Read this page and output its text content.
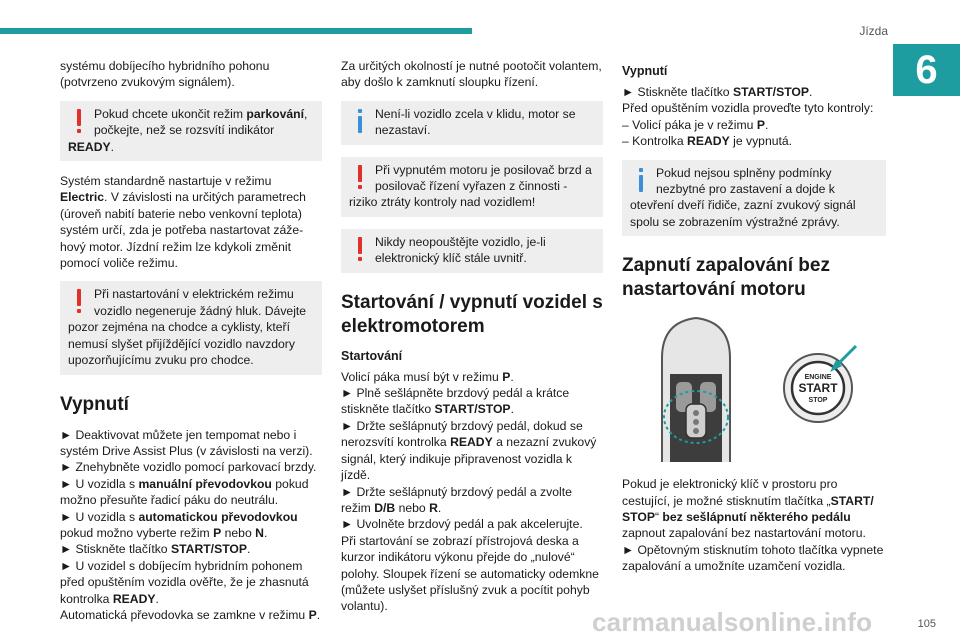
Jízda
6

systému dobíjecího hybridního pohonu (potvrzeno zvukovým signálem).

Pokud chcete ukončit režim parkování, počkejte, než se rozsvítí indikátor READY.

Systém standardně nastartuje v režimu Electric. V závislosti na určitých parametrech (úroveň nabití baterie nebo venkovní teplota) systém určí, zda je potřeba nastartovat zážehový motor. Jízdní režim lze kdykoli změnit pomocí voliče režimu.

Při nastartování v elektrickém režimu vozidlo negeneruje žádný hluk. Dávejte pozor zejména na chodce a cyklisty, kteří nemusí slyšet přijíždějící vozidlo navzdory upozorňujícímu zvuku pro chodce.
Vypnutí

► Deaktivovat můžete jen tempomat nebo i systém Drive Assist Plus (v závislosti na verzi).

► Znehybněte vozidlo pomocí parkovací brzdy.

► U vozidla s manuální převodovkou pokud možno přesuňte řadicí páku do neutrálu.

► U vozidla s automatickou převodovkou pokud možno vyberte režim P nebo N.

► Stiskněte tlačítko START/STOP.

► U vozidel s dobíjecím hybridním pohonem před opuštěním vozidla ověřte, že je zhasnutá kontrolka READY.

Automatická převodovka se zamkne v režimu P.

Za určitých okolností je nutné pootočit volantem, aby došlo k zamknutí sloupku řízení.

Není-li vozidlo zcela v klidu, motor se nezastaví.
Při vypnutém motoru je posilovač brzd a posilovač řízení vyřazen z činnosti - riziko ztráty kontroly nad vozidlem!
Nikdy neopouštějte vozidlo, je-li elektronický klíč stále uvnitř.
Startování / vypnutí vozidel s elektromotorem
Startování

Volicí páka musí být v režimu P.

► Plně sešlápněte brzdový pedál a krátce stiskněte tlačítko START/STOP.

► Držte sešlápnutý brzdový pedál, dokud se nerozsvítí kontrolka READY a nezazní zvukový signál, který indikuje připravenost vozidla k jízdě.

► Držte sešlápnutý brzdový pedál a zvolte režim D/B nebo R.

► Uvolněte brzdový pedál a pak akcelerujte.

Při startování se zobrazí přístrojová deska a kurzor indikátoru výkonu přejde do „nulové“ polohy. Sloupek řízení se automaticky odemkne (můžete uslyšet příslušný zvuk a pocítit pohyb volantu).

Vypnutí

► Stiskněte tlačítko START/STOP.

Před opuštěním vozidla proveďte tyto kontroly:

– Volicí páka je v režimu P.

– Kontrolka READY je vypnutá.

Pokud nejsou splněny podmínky nezbytné pro zastavení a dojde k otevření dveří řidiče, zazní zvukový signál spolu se zobrazením výstražné zprávy.
Zapnutí zapalování bez nastartování motoru
ENGINE
START
STOP

Pokud je elektronický klíč v prostoru pro cestující, je možné stisknutím tlačítka „START/ STOP“ bez sešlápnutí některého pedálu zapnout zapalování bez nastartování motoru.

► Opětovným stisknutím tohoto tlačítka vypnete zapalování a umožníte uzamčení vozidla.

carmanualsonline.info	105
